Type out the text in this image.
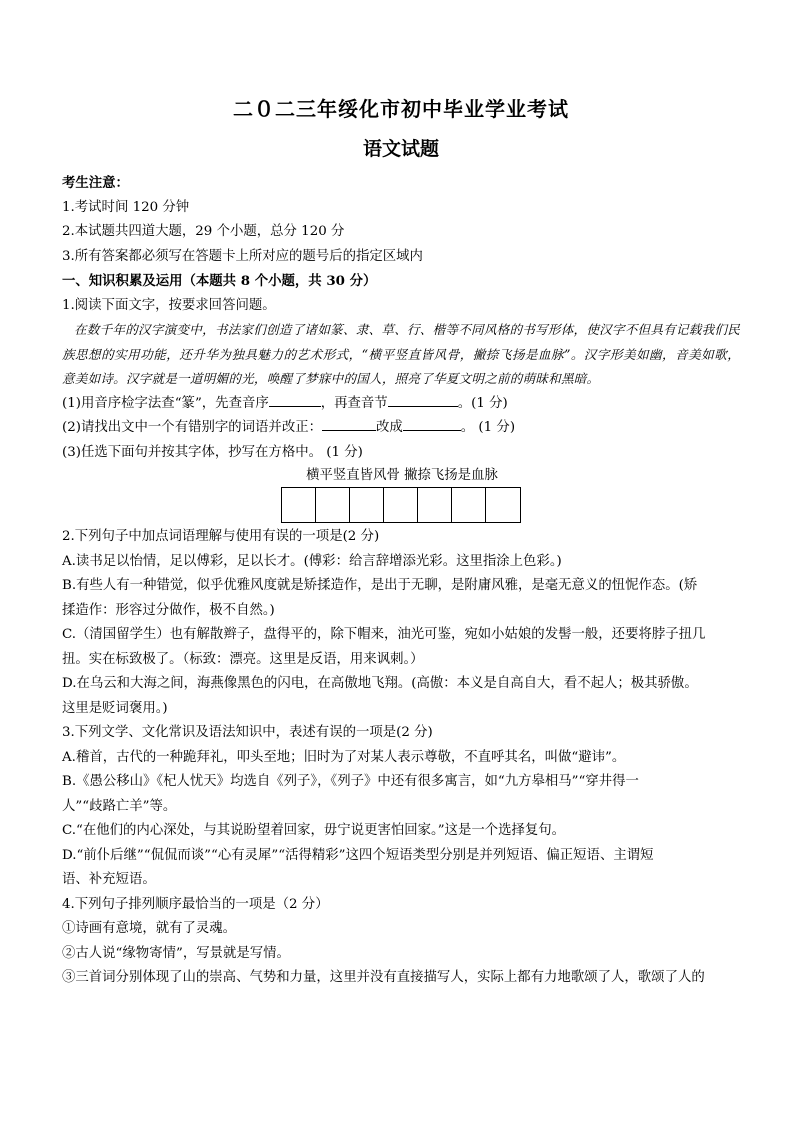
二０二三年绥化市初中毕业学业考试

语文试题

考生注意：

1.考试时间 120 分钟

2.本试题共四道大题，29 个小题，总分 120 分

3.所有答案都必须写在答题卡上所对应的题号后的指定区域内

一、知识积累及运用（本题共 8 个小题，共 30 分）

1.阅读下面文字，按要求回答问题。

在数千年的汉字演变中，书法家们创造了诸如篆、隶、草、行、楷等不同风格的书写形体，使汉字不但具有记载我们民族思想的实用功能，还升华为独具魅力的艺术形式，“横平竖直皆风骨，撇捺飞扬是血脉”。汉字形美如幽，音美如歌，意美如诗。汉字就是一道明媚的光，唤醒了梦寐中的国人，照亮了华夏文明之前的萌昧和黑暗。

(1)用音序检字法查“篆”，先查音序	，再查音节	。(1 分)

(2)请找出文中一个有错别字的词语并改正：	改成	。 (1 分)

(3)任选下面句并按其字体，抄写在方格中。 (1 分)

横平竖直皆风骨 撇捺飞扬是血脉

2.下列句子中加点词语理解与使用有误的一项是(2 分)

A.读书足以怡情，足以傅彩，足以长才。(傅彩：给言辞增添光彩。这里指涂上色彩。)

B.有些人有一种错觉，似乎优雅风度就是矫揉造作，是出于无聊，是附庸风雅，是毫无意义的忸怩作态。(矫

揉造作：形容过分做作，极不自然。)

C.（清国留学生）也有解散辫子，盘得平的，除下帽来，油光可鉴，宛如小姑娘的发髻一般，还要将脖子扭几

扭。实在标致极了。（标致：漂亮。这里是反语，用来讽刺。）

D.在乌云和大海之间，海燕像黑色的闪电，在高傲地飞翔。(高傲：本义是自高自大，看不起人；极其骄傲。

这里是贬词褒用。)

3.下列文学、文化常识及语法知识中，表述有误的一项是(2 分)

A.稽首，古代的一种跪拜礼，叩头至地；旧时为了对某人表示尊敬，不直呼其名，叫做“避讳”。

B.《愚公移山》《杞人忧天》均选自《列子》，《列子》中还有很多寓言，如“九方皋相马”“穿井得一

人”“歧路亡羊”等。

C.“在他们的内心深处，与其说盼望着回家，毋宁说更害怕回家。”这是一个选择复句。

D.“前仆后继”“侃侃而谈”“心有灵犀”“活得精彩”这四个短语类型分别是并列短语、偏正短语、主谓短

语、补充短语。

4.下列句子排列顺序最恰当的一项是（2 分）

①诗画有意境，就有了灵魂。

②古人说“缘物寄情”，写景就是写情。

③三首词分别体现了山的崇高、气势和力量，这里并没有直接描写人，实际上都有力地歌颂了人，歌颂了人的
